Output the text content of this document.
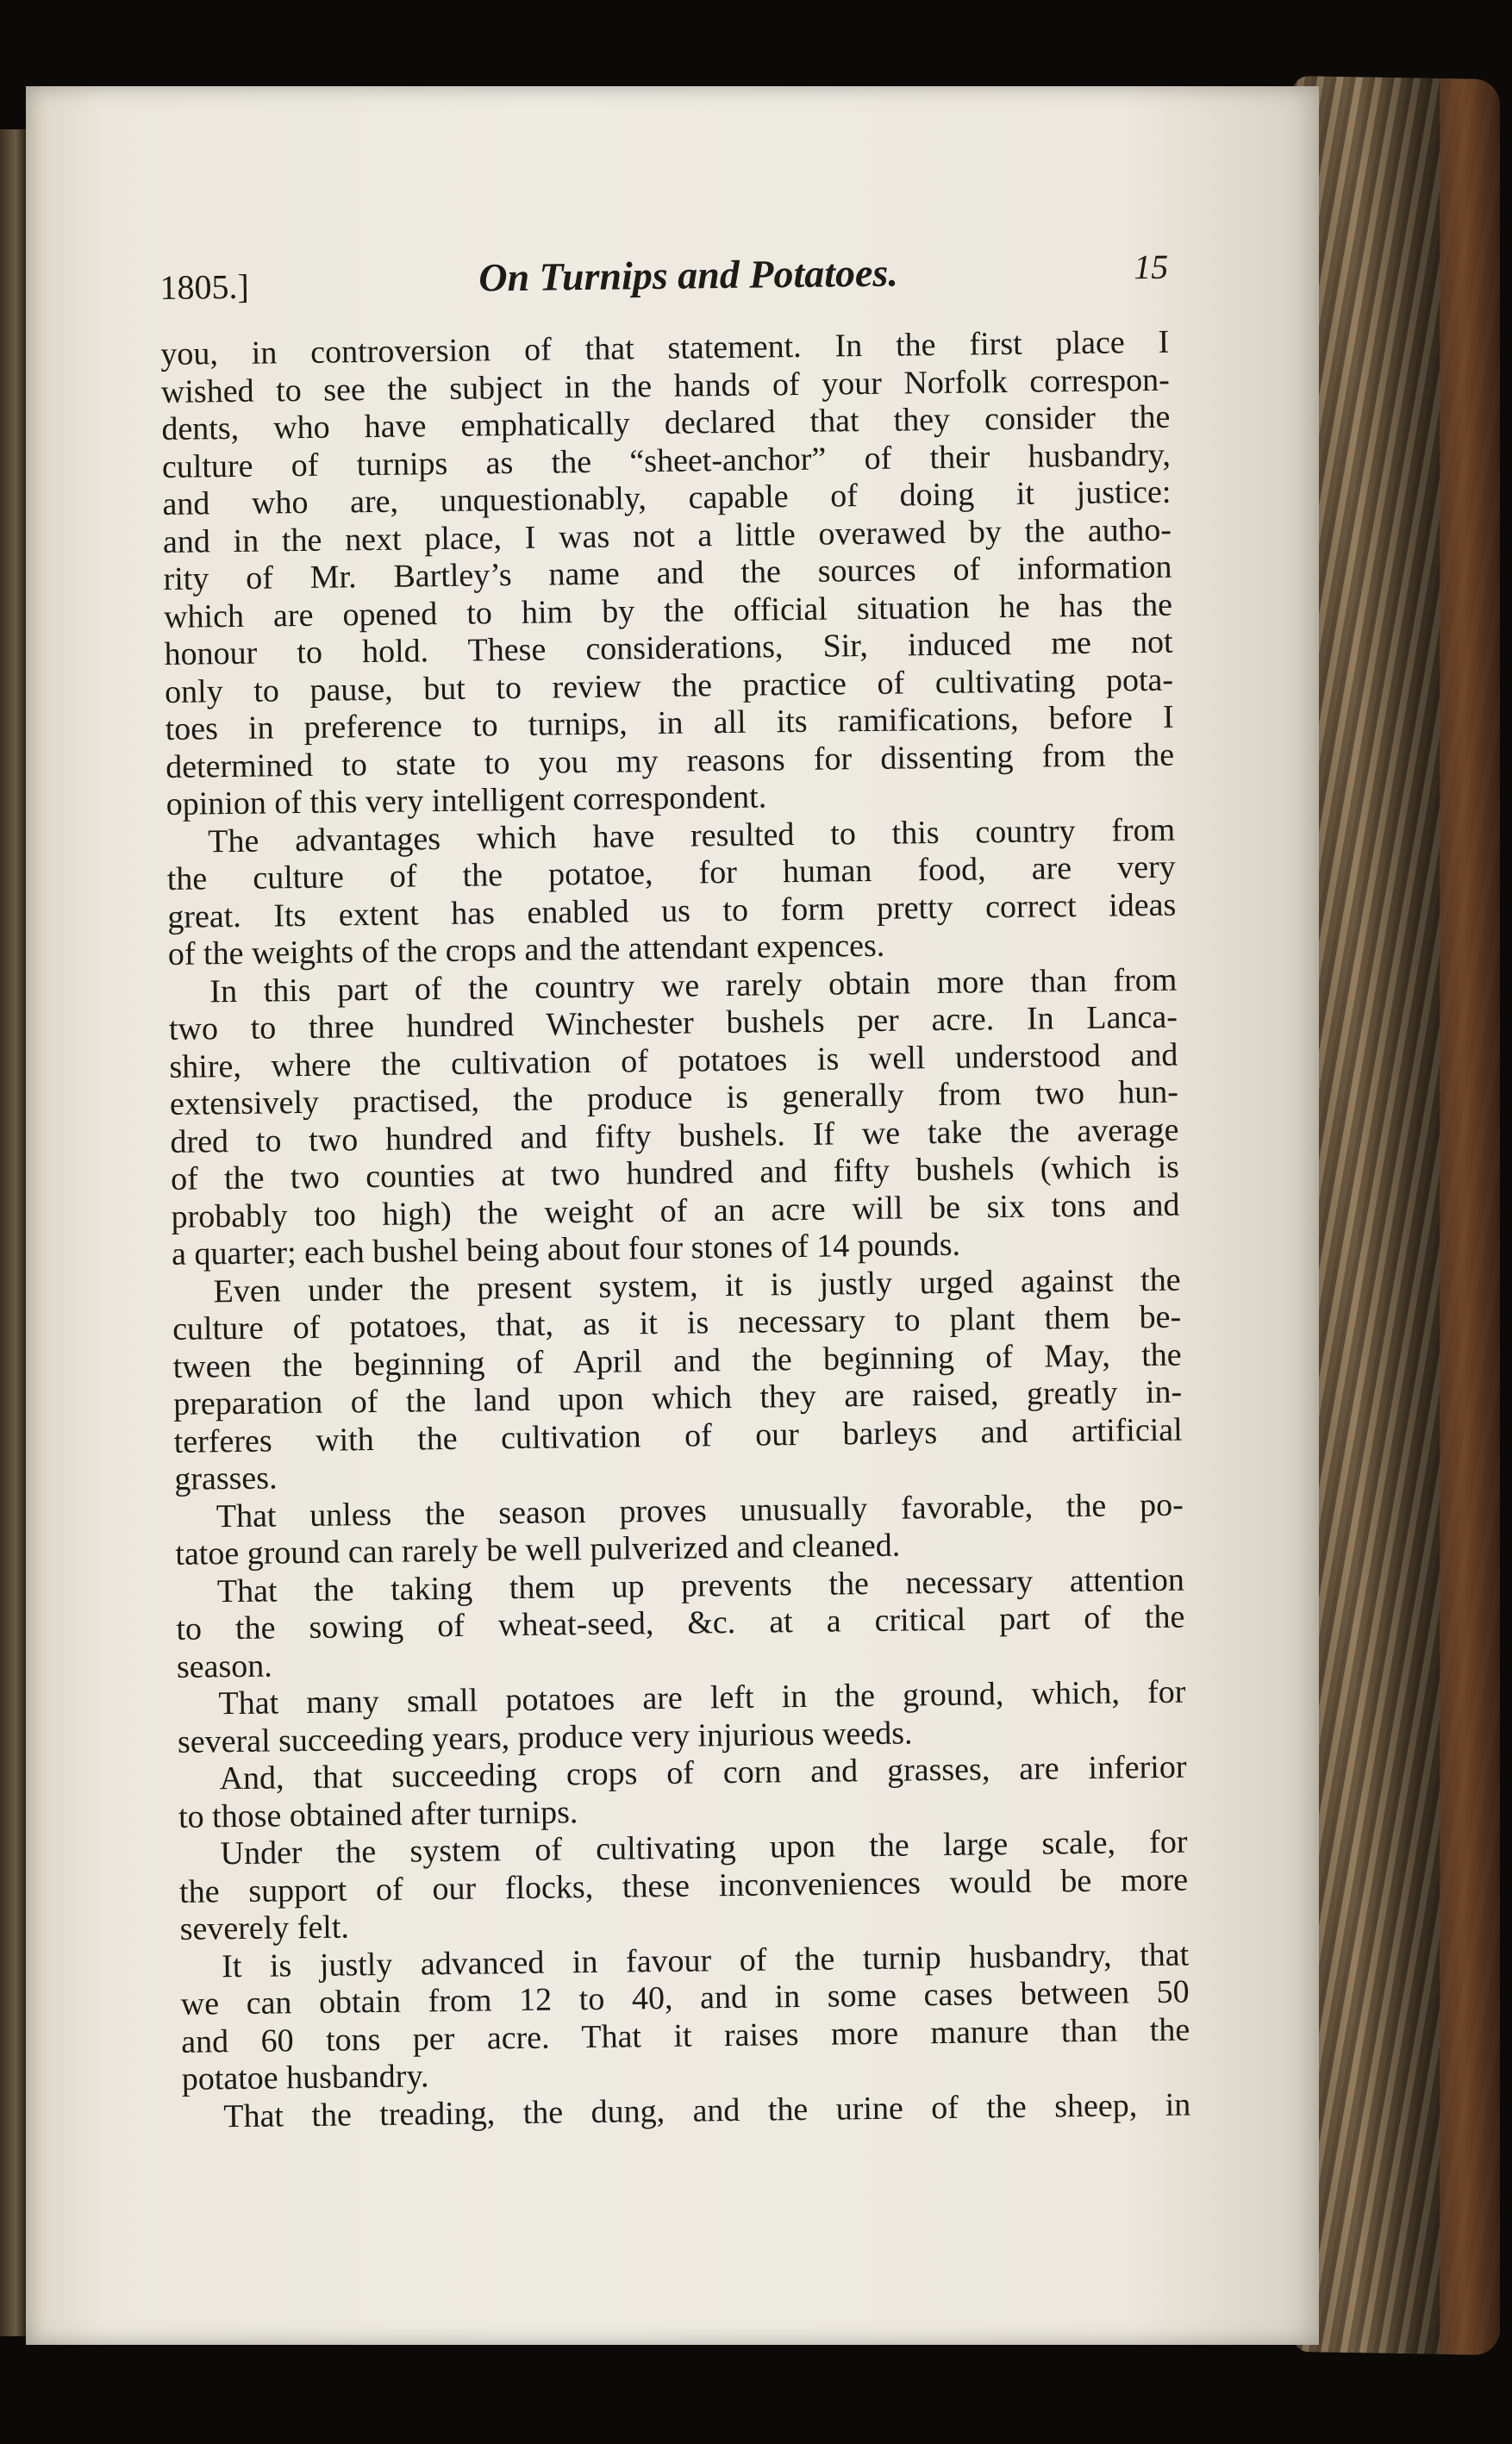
1805.]	On Turnips and Potatoes.	15
you, in controversion of that statement. In the first place I
wished to see the subject in the hands of your Norfolk correspon-
dents, who have emphatically declared that they consider the
culture of turnips as the “sheet-anchor” of their husbandry,
and who are, unquestionably, capable of doing it justice:
and in the next place, I was not a little overawed by the autho-
rity of Mr. Bartley’s name and the sources of information
which are opened to him by the official situation he has the
honour to hold. These considerations, Sir, induced me not
only to pause, but to review the practice of cultivating pota-
toes in preference to turnips, in all its ramifications, before I
determined to state to you my reasons for dissenting from the
opinion of this very intelligent correspondent.
The advantages which have resulted to this country from
the culture of the potatoe, for human food, are very
great. Its extent has enabled us to form pretty correct ideas
of the weights of the crops and the attendant expences.
In this part of the country we rarely obtain more than from
two to three hundred Winchester bushels per acre. In Lanca-
shire, where the cultivation of potatoes is well understood and
extensively practised, the produce is generally from two hun-
dred to two hundred and fifty bushels. If we take the average
of the two counties at two hundred and fifty bushels (which is
probably too high) the weight of an acre will be six tons and
a quarter; each bushel being about four stones of 14 pounds.
Even under the present system, it is justly urged against the
culture of potatoes, that, as it is necessary to plant them be-
tween the beginning of April and the beginning of May, the
preparation of the land upon which they are raised, greatly in-
terferes with the cultivation of our barleys and artificial
grasses.
That unless the season proves unusually favorable, the po-
tatoe ground can rarely be well pulverized and cleaned.
That the taking them up prevents the necessary attention
to the sowing of wheat-seed, &c. at a critical part of the
season.
That many small potatoes are left in the ground, which, for
several succeeding years, produce very injurious weeds.
And, that succeeding crops of corn and grasses, are inferior
to those obtained after turnips.
Under the system of cultivating upon the large scale, for
the support of our flocks, these inconveniences would be more
severely felt.
It is justly advanced in favour of the turnip husbandry, that
we can obtain from 12 to 40, and in some cases between 50
and 60 tons per acre. That it raises more manure than the
potatoe husbandry.
That the treading, the dung, and the urine of the sheep, in
